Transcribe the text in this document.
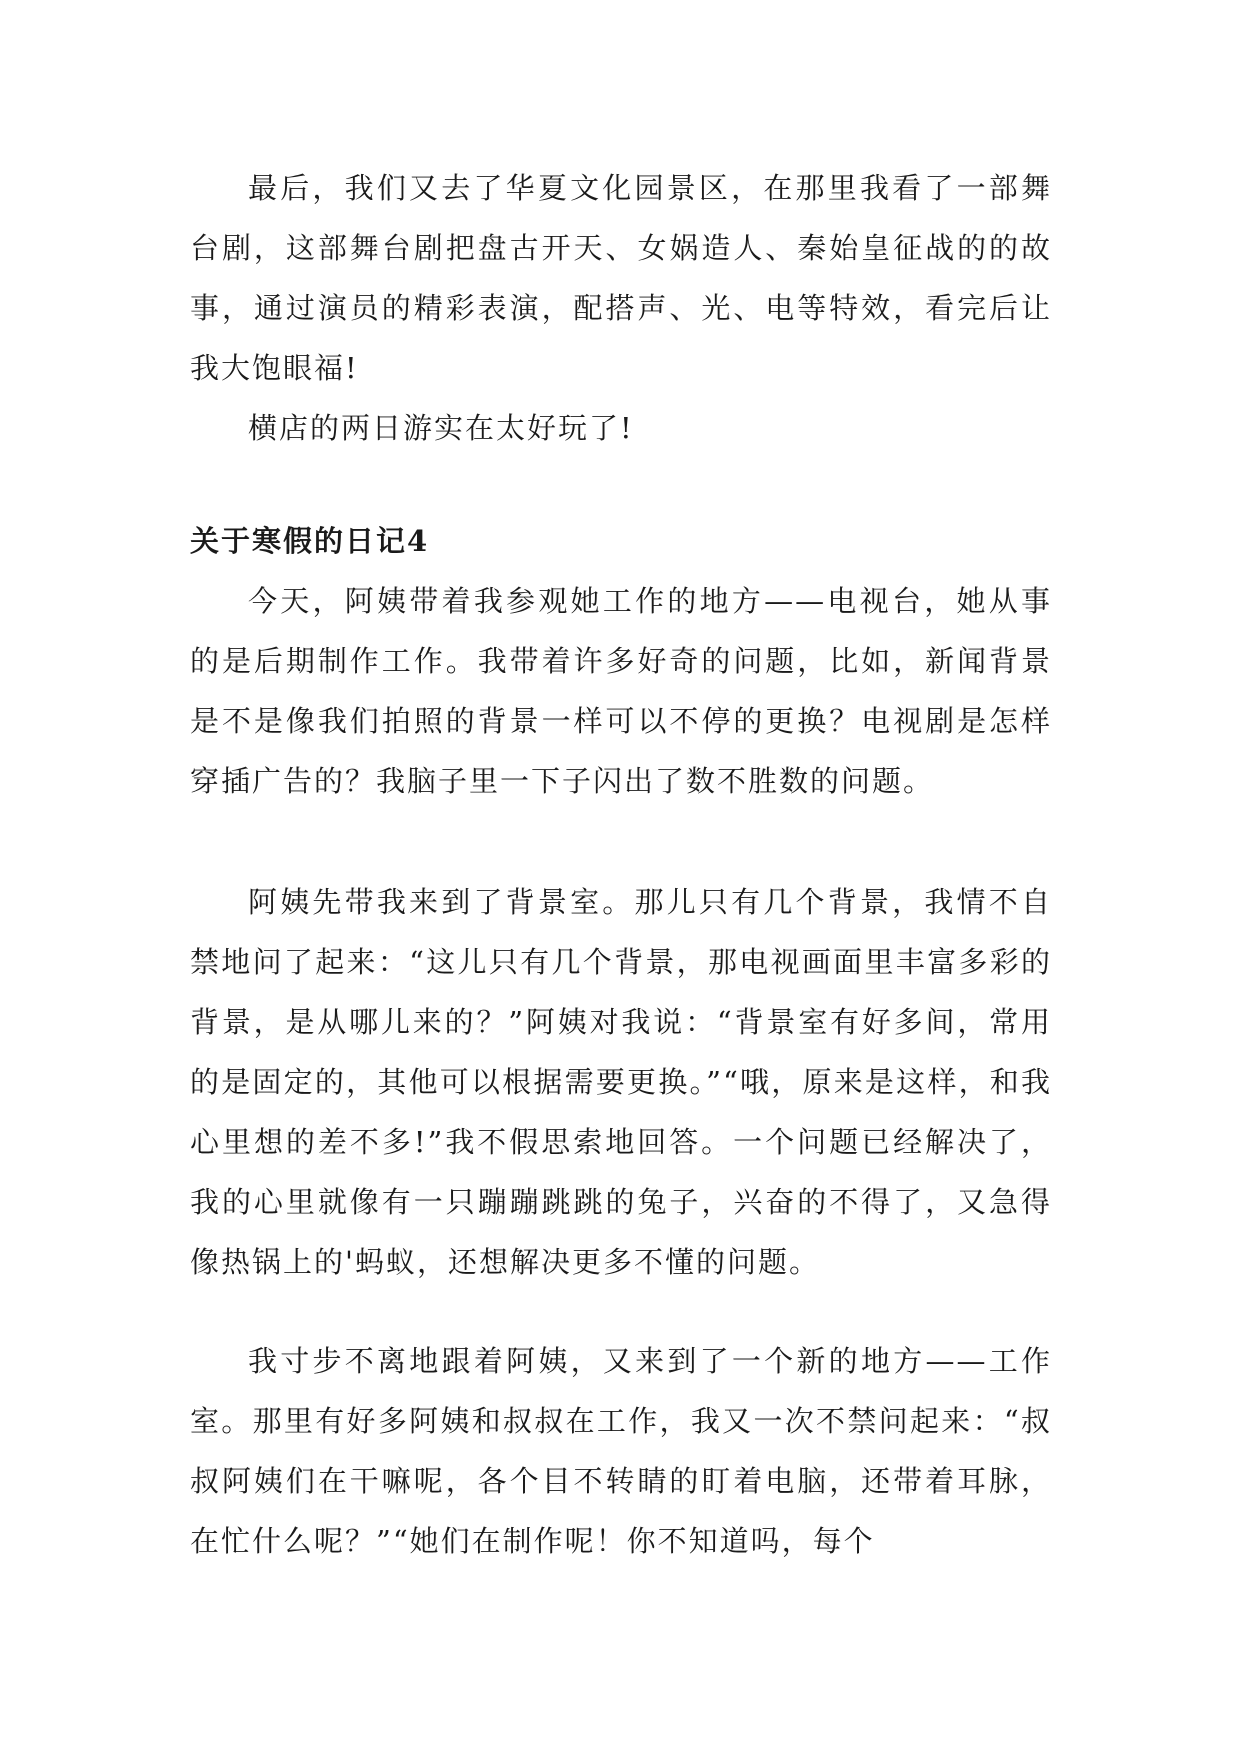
最后，我们又去了华夏文化园景区，在那里我看了一部舞台剧，这部舞台剧把盘古开天、女娲造人、秦始皇征战的的故事，通过演员的精彩表演，配搭声、光、电等特效，看完后让我大饱眼福!

横店的两日游实在太好玩了!

关于寒假的日记4

今天，阿姨带着我参观她工作的地方——电视台，她从事的是后期制作工作。我带着许多好奇的问题，比如，新闻背景是不是像我们拍照的背景一样可以不停的更换？电视剧是怎样穿插广告的？我脑子里一下子闪出了数不胜数的问题。

阿姨先带我来到了背景室。那儿只有几个背景，我情不自禁地问了起来：“这儿只有几个背景，那电视画面里丰富多彩的背景，是从哪儿来的？”阿姨对我说：“背景室有好多间，常用的是固定的，其他可以根据需要更换。”“哦，原来是这样，和我心里想的差不多!”我不假思索地回答。一个问题已经解决了，我的心里就像有一只蹦蹦跳跳的兔子，兴奋的不得了，又急得像热锅上的'蚂蚁，还想解决更多不懂的问题。

我寸步不离地跟着阿姨，又来到了一个新的地方——工作室。那里有好多阿姨和叔叔在工作，我又一次不禁问起来：“叔叔阿姨们在干嘛呢，各个目不转睛的盯着电脑，还带着耳脉，在忙什么呢？”“她们在制作呢！你不知道吗，每个
